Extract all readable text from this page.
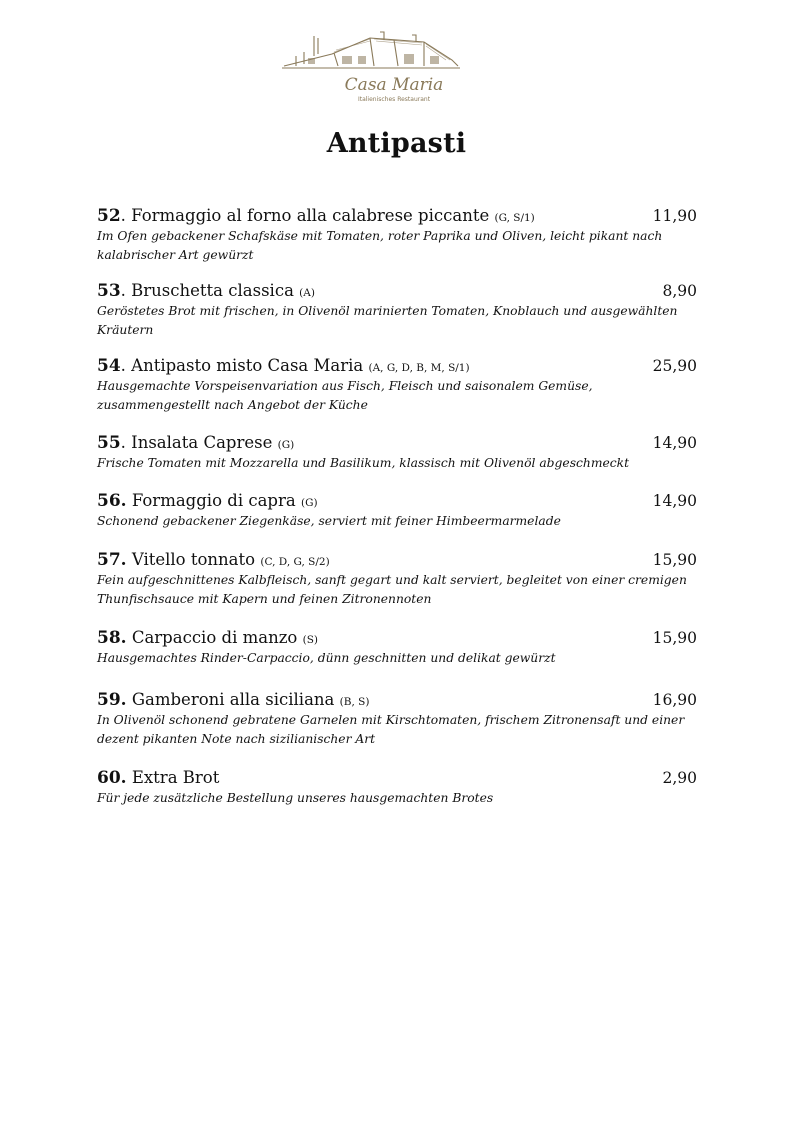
Casa Maria
Italienisches Restaurant
Antipasti
52. Formaggio al forno alla calabrese piccante (G, S/1)	11,90
Im Ofen gebackener Schafskäse mit Tomaten, roter Paprika und Oliven, leicht pikant nach kalabrischer Art gewürzt
53. Bruschetta classica (A)	8,90
Geröstetes Brot mit frischen, in Olivenöl marinierten Tomaten, Knoblauch und ausgewählten Kräutern
54. Antipasto misto Casa Maria (A, G, D, B, M, S/1)	25,90
Hausgemachte Vorspeisenvariation aus Fisch, Fleisch und saisonalem Gemüse, zusammengestellt nach Angebot der Küche
55. Insalata Caprese (G)	14,90
Frische Tomaten mit Mozzarella und Basilikum, klassisch mit Olivenöl abgeschmeckt
56. Formaggio di capra (G)	14,90
Schonend gebackener Ziegenkäse, serviert mit feiner Himbeermarmelade
57. Vitello tonnato (C, D, G, S/2)	15,90
Fein aufgeschnittenes Kalbfleisch, sanft gegart und kalt serviert, begleitet von einer cremigen Thunfischsauce mit Kapern und feinen Zitronennoten
58. Carpaccio di manzo (S)	15,90
Hausgemachtes Rinder-Carpaccio, dünn geschnitten und delikat gewürzt
59. Gamberoni alla siciliana (B, S)	16,90
In Olivenöl schonend gebratene Garnelen mit Kirschtomaten, frischem Zitronensaft und einer dezent pikanten Note nach sizilianischer Art
60. Extra Brot	2,90
Für jede zusätzliche Bestellung unseres hausgemachten Brotes
